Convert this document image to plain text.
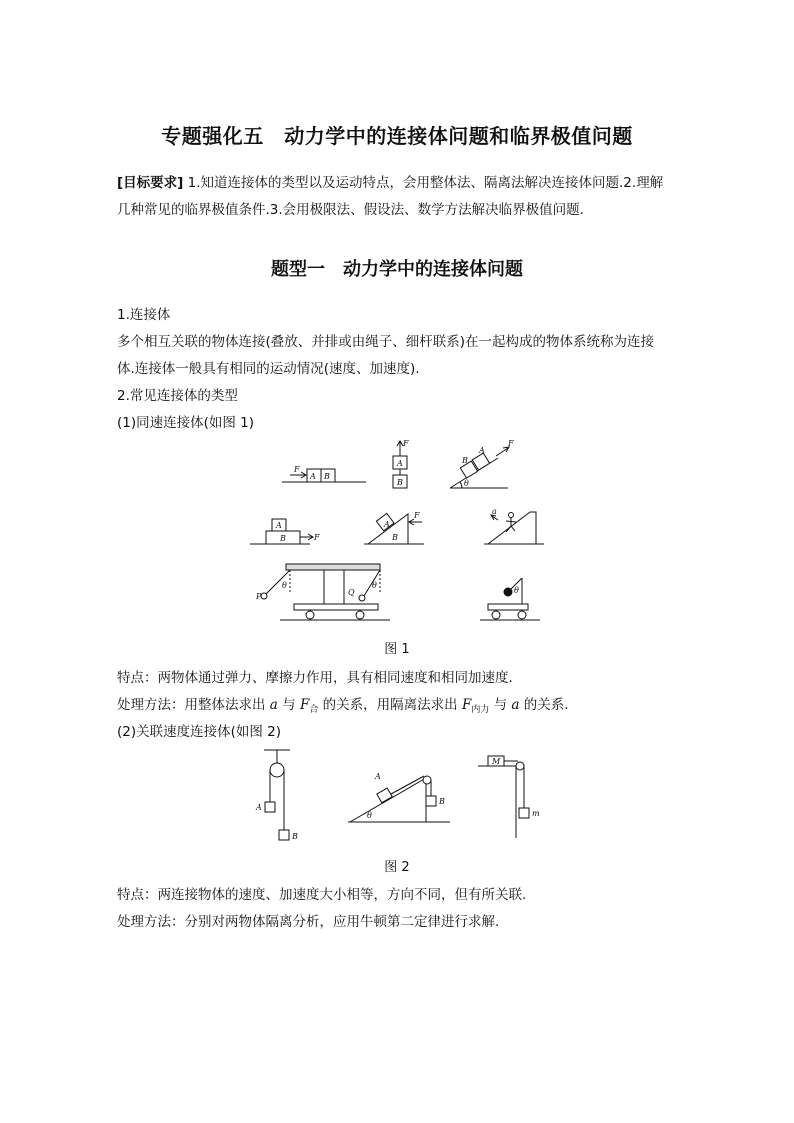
专题强化五　动力学中的连接体问题和临界极值问题
[目标要求] 1.知道连接体的类型以及运动特点，会用整体法、隔离法解决连接体问题.2.理解
几种常见的临界极值条件.3.会用极限法、假设法、数学方法解决临界极值问题.
题型一　动力学中的连接体问题
1.连接体
多个相互关联的物体连接(叠放、并排或由绳子、细杆联系)在一起构成的物体系统称为连接
体.连接体一般具有相同的运动情况(速度、加速度).
2.常见连接体的类型
(1)同速连接体(如图 1)
F
A B
F
A
B
A
B
F
θ
A
B	F
A
B
F	a
P
θ
Q
θ
θ
图 1
特点：两物体通过弹力、摩擦力作用，具有相同速度和相同加速度.
处理方法：用整体法求出 a 与 $F_合$ 的关系，用隔离法求出 $F_{内力}$ 与 a 的关系.
(2)关联速度连接体(如图 2)
A
B
A
B
θ
M
m
图 2
特点：两连接物体的速度、加速度大小相等，方向不同，但有所关联.
处理方法：分别对两物体隔离分析，应用牛顿第二定律进行求解.
